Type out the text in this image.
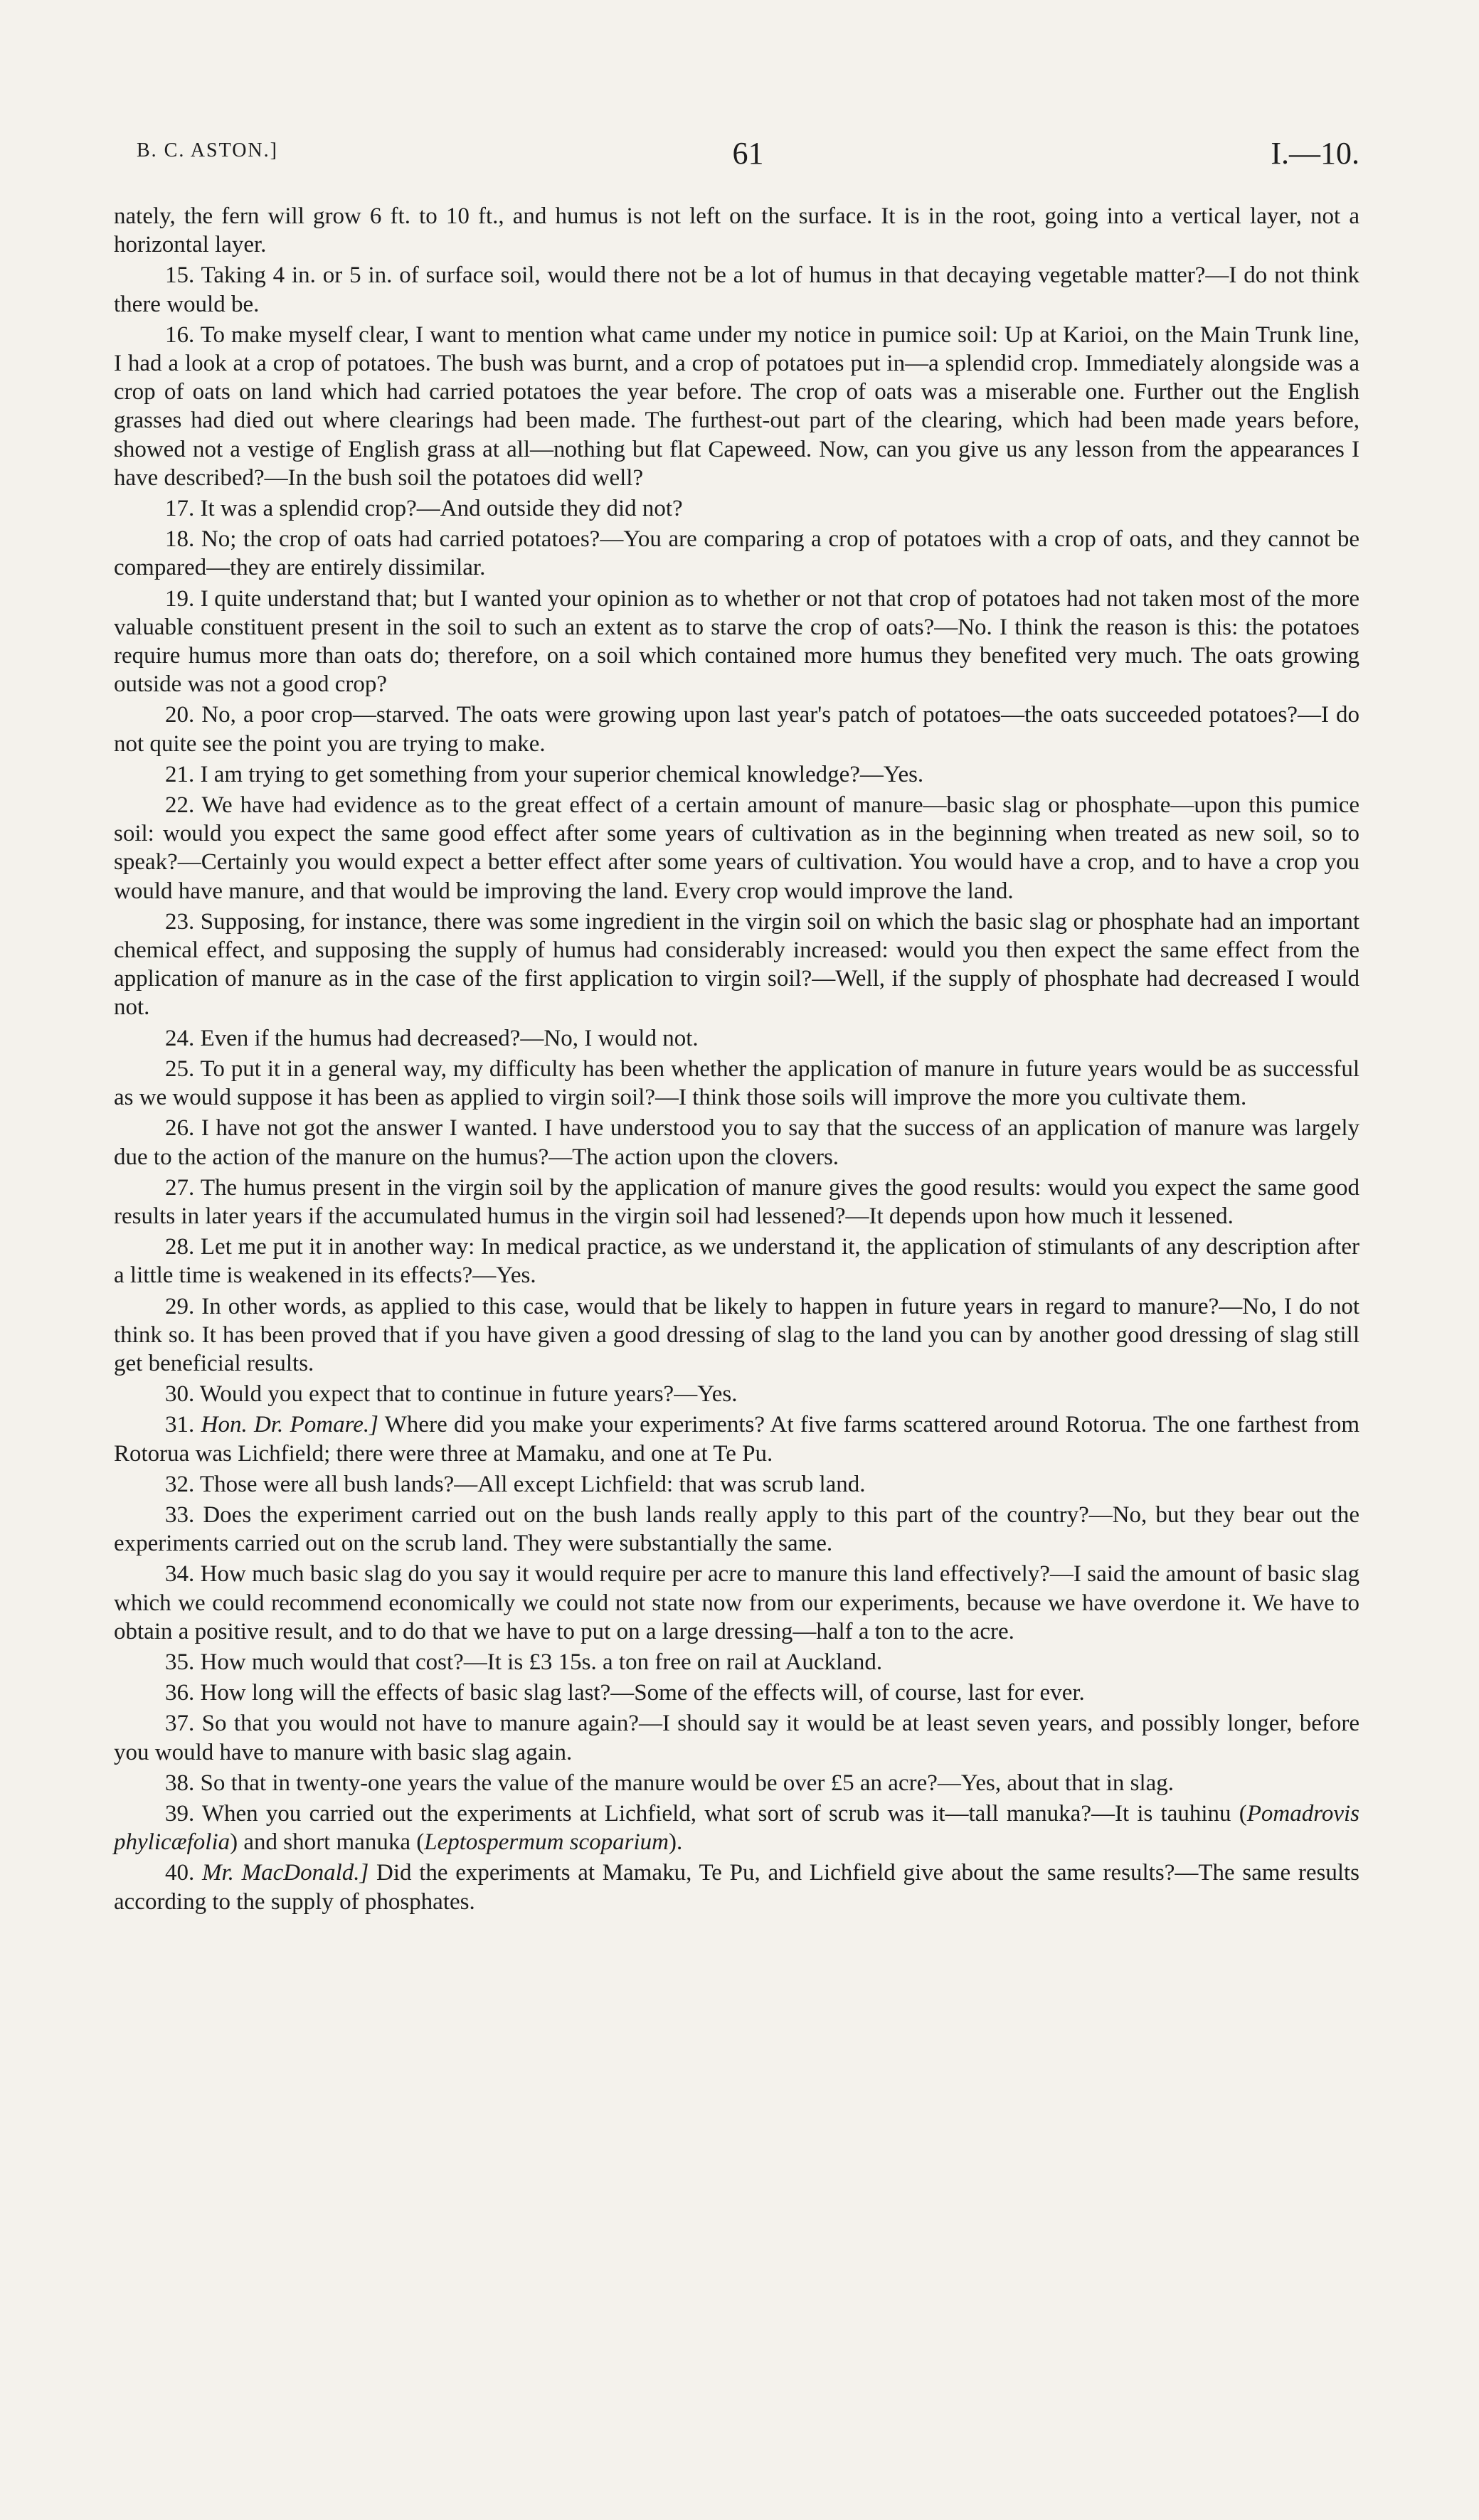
B. C. ASTON.]	61	I.—10.

nately, the fern will grow 6 ft. to 10 ft., and humus is not left on the surface. It is in the root, going into a vertical layer, not a horizontal layer.

15. Taking 4 in. or 5 in. of surface soil, would there not be a lot of humus in that decaying vegetable matter?—I do not think there would be.

16. To make myself clear, I want to mention what came under my notice in pumice soil: Up at Karioi, on the Main Trunk line, I had a look at a crop of potatoes. The bush was burnt, and a crop of potatoes put in—a splendid crop. Immediately alongside was a crop of oats on land which had carried potatoes the year before. The crop of oats was a miserable one. Further out the English grasses had died out where clearings had been made. The furthest-out part of the clearing, which had been made years before, showed not a vestige of English grass at all—nothing but flat Capeweed. Now, can you give us any lesson from the appearances I have described?—In the bush soil the potatoes did well?

17. It was a splendid crop?—And outside they did not?

18. No; the crop of oats had carried potatoes?—You are comparing a crop of potatoes with a crop of oats, and they cannot be compared—they are entirely dissimilar.

19. I quite understand that; but I wanted your opinion as to whether or not that crop of potatoes had not taken most of the more valuable constituent present in the soil to such an extent as to starve the crop of oats?—No. I think the reason is this: the potatoes require humus more than oats do; therefore, on a soil which contained more humus they benefited very much. The oats growing outside was not a good crop?

20. No, a poor crop—starved. The oats were growing upon last year's patch of potatoes—the oats succeeded potatoes?—I do not quite see the point you are trying to make.

21. I am trying to get something from your superior chemical knowledge?—Yes.

22. We have had evidence as to the great effect of a certain amount of manure—basic slag or phosphate—upon this pumice soil: would you expect the same good effect after some years of cultivation as in the beginning when treated as new soil, so to speak?—Certainly you would expect a better effect after some years of cultivation. You would have a crop, and to have a crop you would have manure, and that would be improving the land. Every crop would improve the land.

23. Supposing, for instance, there was some ingredient in the virgin soil on which the basic slag or phosphate had an important chemical effect, and supposing the supply of humus had considerably increased: would you then expect the same effect from the application of manure as in the case of the first application to virgin soil?—Well, if the supply of phosphate had decreased I would not.

24. Even if the humus had decreased?—No, I would not.

25. To put it in a general way, my difficulty has been whether the application of manure in future years would be as successful as we would suppose it has been as applied to virgin soil?—I think those soils will improve the more you cultivate them.

26. I have not got the answer I wanted. I have understood you to say that the success of an application of manure was largely due to the action of the manure on the humus?—The action upon the clovers.

27. The humus present in the virgin soil by the application of manure gives the good results: would you expect the same good results in later years if the accumulated humus in the virgin soil had lessened?—It depends upon how much it lessened.

28. Let me put it in another way: In medical practice, as we understand it, the application of stimulants of any description after a little time is weakened in its effects?—Yes.

29. In other words, as applied to this case, would that be likely to happen in future years in regard to manure?—No, I do not think so. It has been proved that if you have given a good dressing of slag to the land you can by another good dressing of slag still get beneficial results.

30. Would you expect that to continue in future years?—Yes.

31. Hon. Dr. Pomare.] Where did you make your experiments? At five farms scattered around Rotorua. The one farthest from Rotorua was Lichfield; there were three at Mamaku, and one at Te Pu.

32. Those were all bush lands?—All except Lichfield: that was scrub land.

33. Does the experiment carried out on the bush lands really apply to this part of the country?—No, but they bear out the experiments carried out on the scrub land. They were substantially the same.

34. How much basic slag do you say it would require per acre to manure this land effectively?—I said the amount of basic slag which we could recommend economically we could not state now from our experiments, because we have overdone it. We have to obtain a positive result, and to do that we have to put on a large dressing—half a ton to the acre.

35. How much would that cost?—It is £3 15s. a ton free on rail at Auckland.

36. How long will the effects of basic slag last?—Some of the effects will, of course, last for ever.

37. So that you would not have to manure again?—I should say it would be at least seven years, and possibly longer, before you would have to manure with basic slag again.

38. So that in twenty-one years the value of the manure would be over £5 an acre?—Yes, about that in slag.

39. When you carried out the experiments at Lichfield, what sort of scrub was it—tall manuka?—It is tauhinu (Pomadrovis phylicæfolia) and short manuka (Leptospermum scoparium).

40. Mr. MacDonald.] Did the experiments at Mamaku, Te Pu, and Lichfield give about the same results?—The same results according to the supply of phosphates.
